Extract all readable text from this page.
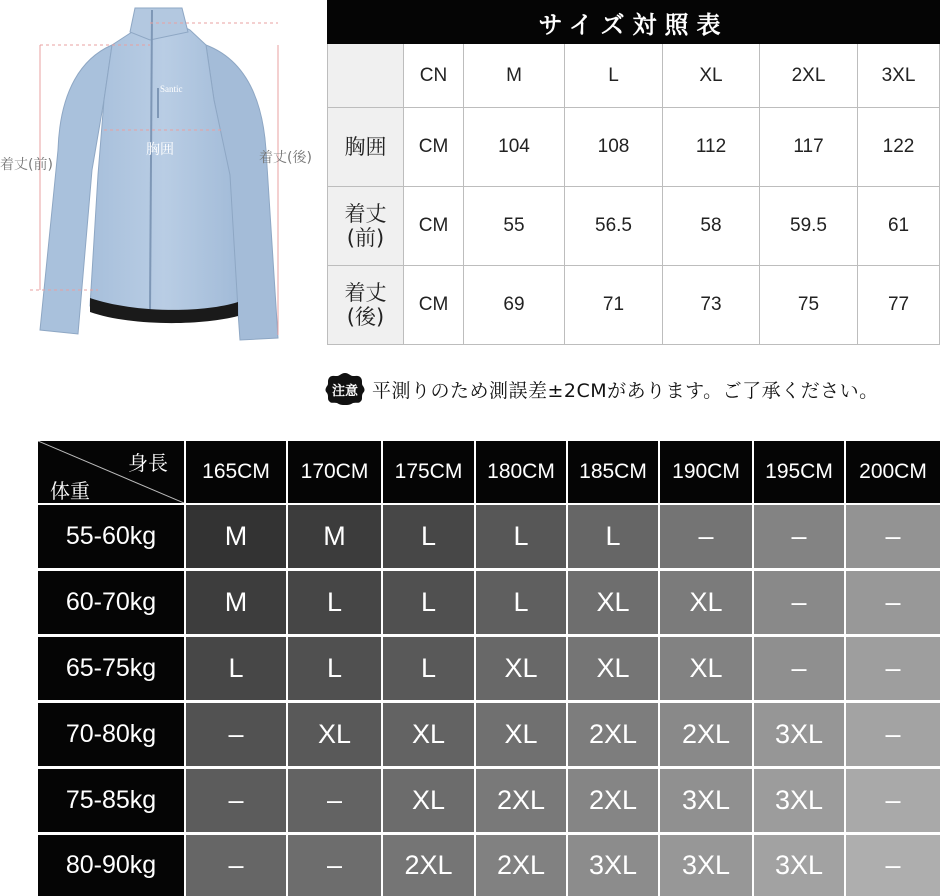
Santic
着丈(前)
胸囲	着丈(後)
サイズ対照表						
	CN	M	L	XL	2XL	3XL
胸囲	CM	104	108	112	117	122
着丈
(前)	CM	55	56.5	58	59.5	61
着丈
(後)	CM	69	71	73	75	77
注意 平測りのため測誤差±2CMがあります。ご了承ください。
身長
体重
165CM	170CM	175CM	180CM	185CM	190CM	195CM	200CM
55-60kg	M	M	L	L	L	–	–	–
60-70kg	M	L	L	L	XL	XL	–	–
65-75kg	L	L	L	XL	XL	XL	–	–
70-80kg	–	XL	XL	XL	2XL	2XL	3XL	–
75-85kg	–	–	XL	2XL	2XL	3XL	3XL	–
80-90kg	–	–	2XL	2XL	3XL	3XL	3XL	–
